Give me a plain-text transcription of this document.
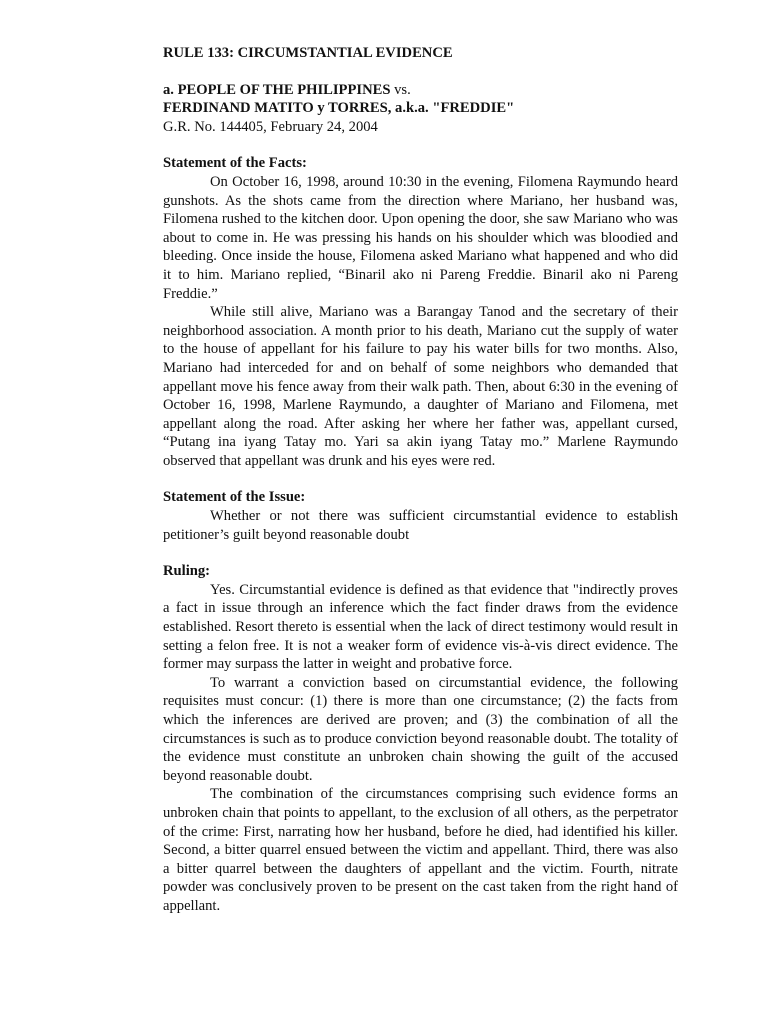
RULE 133: CIRCUMSTANTIAL EVIDENCE

a. PEOPLE OF THE PHILIPPINES vs.

FERDINAND MATITO y TORRES, a.k.a. "FREDDIE"

G.R. No. 144405, February 24, 2004

Statement of the Facts:

On October 16, 1998, around 10:30 in the evening, Filomena Raymundo heard gunshots. As the shots came from the direction where Mariano, her husband was, Filomena rushed to the kitchen door. Upon opening the door, she saw Mariano who was about to come in. He was pressing his hands on his shoulder which was bloodied and bleeding. Once inside the house, Filomena asked Mariano what happened and who did it to him. Mariano replied, “Binaril ako ni Pareng Freddie. Binaril ako ni Pareng Freddie.”

While still alive, Mariano was a Barangay Tanod and the secretary of their neighborhood association. A month prior to his death, Mariano cut the supply of water to the house of appellant for his failure to pay his water bills for two months. Also, Mariano had interceded for and on behalf of some neighbors who demanded that appellant move his fence away from their walk path. Then, about 6:30 in the evening of October 16, 1998, Marlene Raymundo, a daughter of Mariano and Filomena, met appellant along the road. After asking her where her father was, appellant cursed, “Putang ina iyang Tatay mo. Yari sa akin iyang Tatay mo.” Marlene Raymundo observed that appellant was drunk and his eyes were red.

Statement of the Issue:

Whether or not there was sufficient circumstantial evidence to establish petitioner’s guilt beyond reasonable doubt

Ruling:

Yes. Circumstantial evidence is defined as that evidence that "indirectly proves a fact in issue through an inference which the fact finder draws from the evidence established. Resort thereto is essential when the lack of direct testimony would result in setting a felon free. It is not a weaker form of evidence vis-à-vis direct evidence. The former may surpass the latter in weight and probative force.

To warrant a conviction based on circumstantial evidence, the following requisites must concur: (1) there is more than one circumstance; (2) the facts from which the inferences are derived are proven; and (3) the combination of all the circumstances is such as to produce conviction beyond reasonable doubt. The totality of the evidence must constitute an unbroken chain showing the guilt of the accused beyond reasonable doubt.

The combination of the circumstances comprising such evidence forms an unbroken chain that points to appellant, to the exclusion of all others, as the perpetrator of the crime: First, narrating how her husband, before he died, had identified his killer. Second, a bitter quarrel ensued between the victim and appellant. Third, there was also a bitter quarrel between the daughters of appellant and the victim. Fourth, nitrate powder was conclusively proven to be present on the cast taken from the right hand of appellant.
